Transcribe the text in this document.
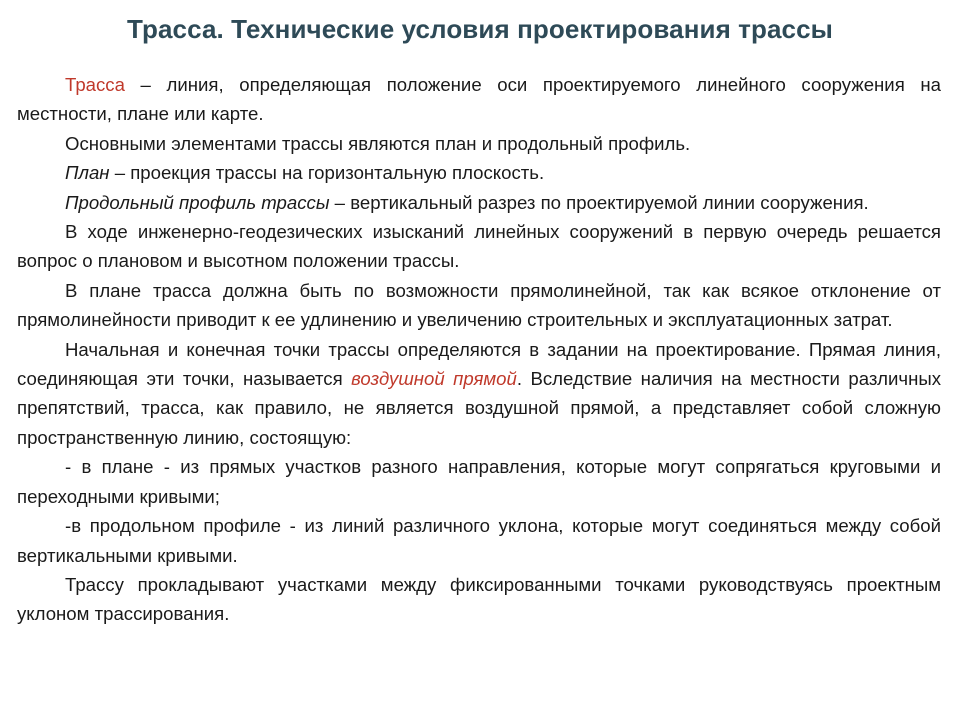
Трасса. Технические условия проектирования трассы

Трасса – линия, определяющая положение оси проектируемого линейного сооружения на местности, плане или карте.

Основными элементами трассы являются план и продольный профиль.

План – проекция трассы на горизонтальную плоскость.

Продольный профиль трассы – вертикальный разрез по проектируемой линии сооружения.

В ходе инженерно-геодезических изысканий линейных сооружений в первую очередь решается вопрос о плановом и высотном положении трассы.

В плане трасса должна быть по возможности прямолинейной, так как всякое отклонение от прямолинейности приводит к ее удлинению и увеличению строительных и эксплуатационных затрат.

Начальная и конечная точки трассы определяются в задании на проектирование. Прямая линия, соединяющая эти точки, называется воздушной прямой. Вследствие наличия на местности различных препятствий, трасса, как правило, не является воздушной прямой, а представляет собой сложную пространственную линию, состоящую:

- в плане - из прямых участков разного направления, которые могут сопрягаться круговыми и переходными кривыми;

-в продольном профиле - из линий различного уклона, которые могут соединяться между собой вертикальными кривыми.

Трассу прокладывают участками между фиксированными точками руководствуясь проектным уклоном трассирования.
